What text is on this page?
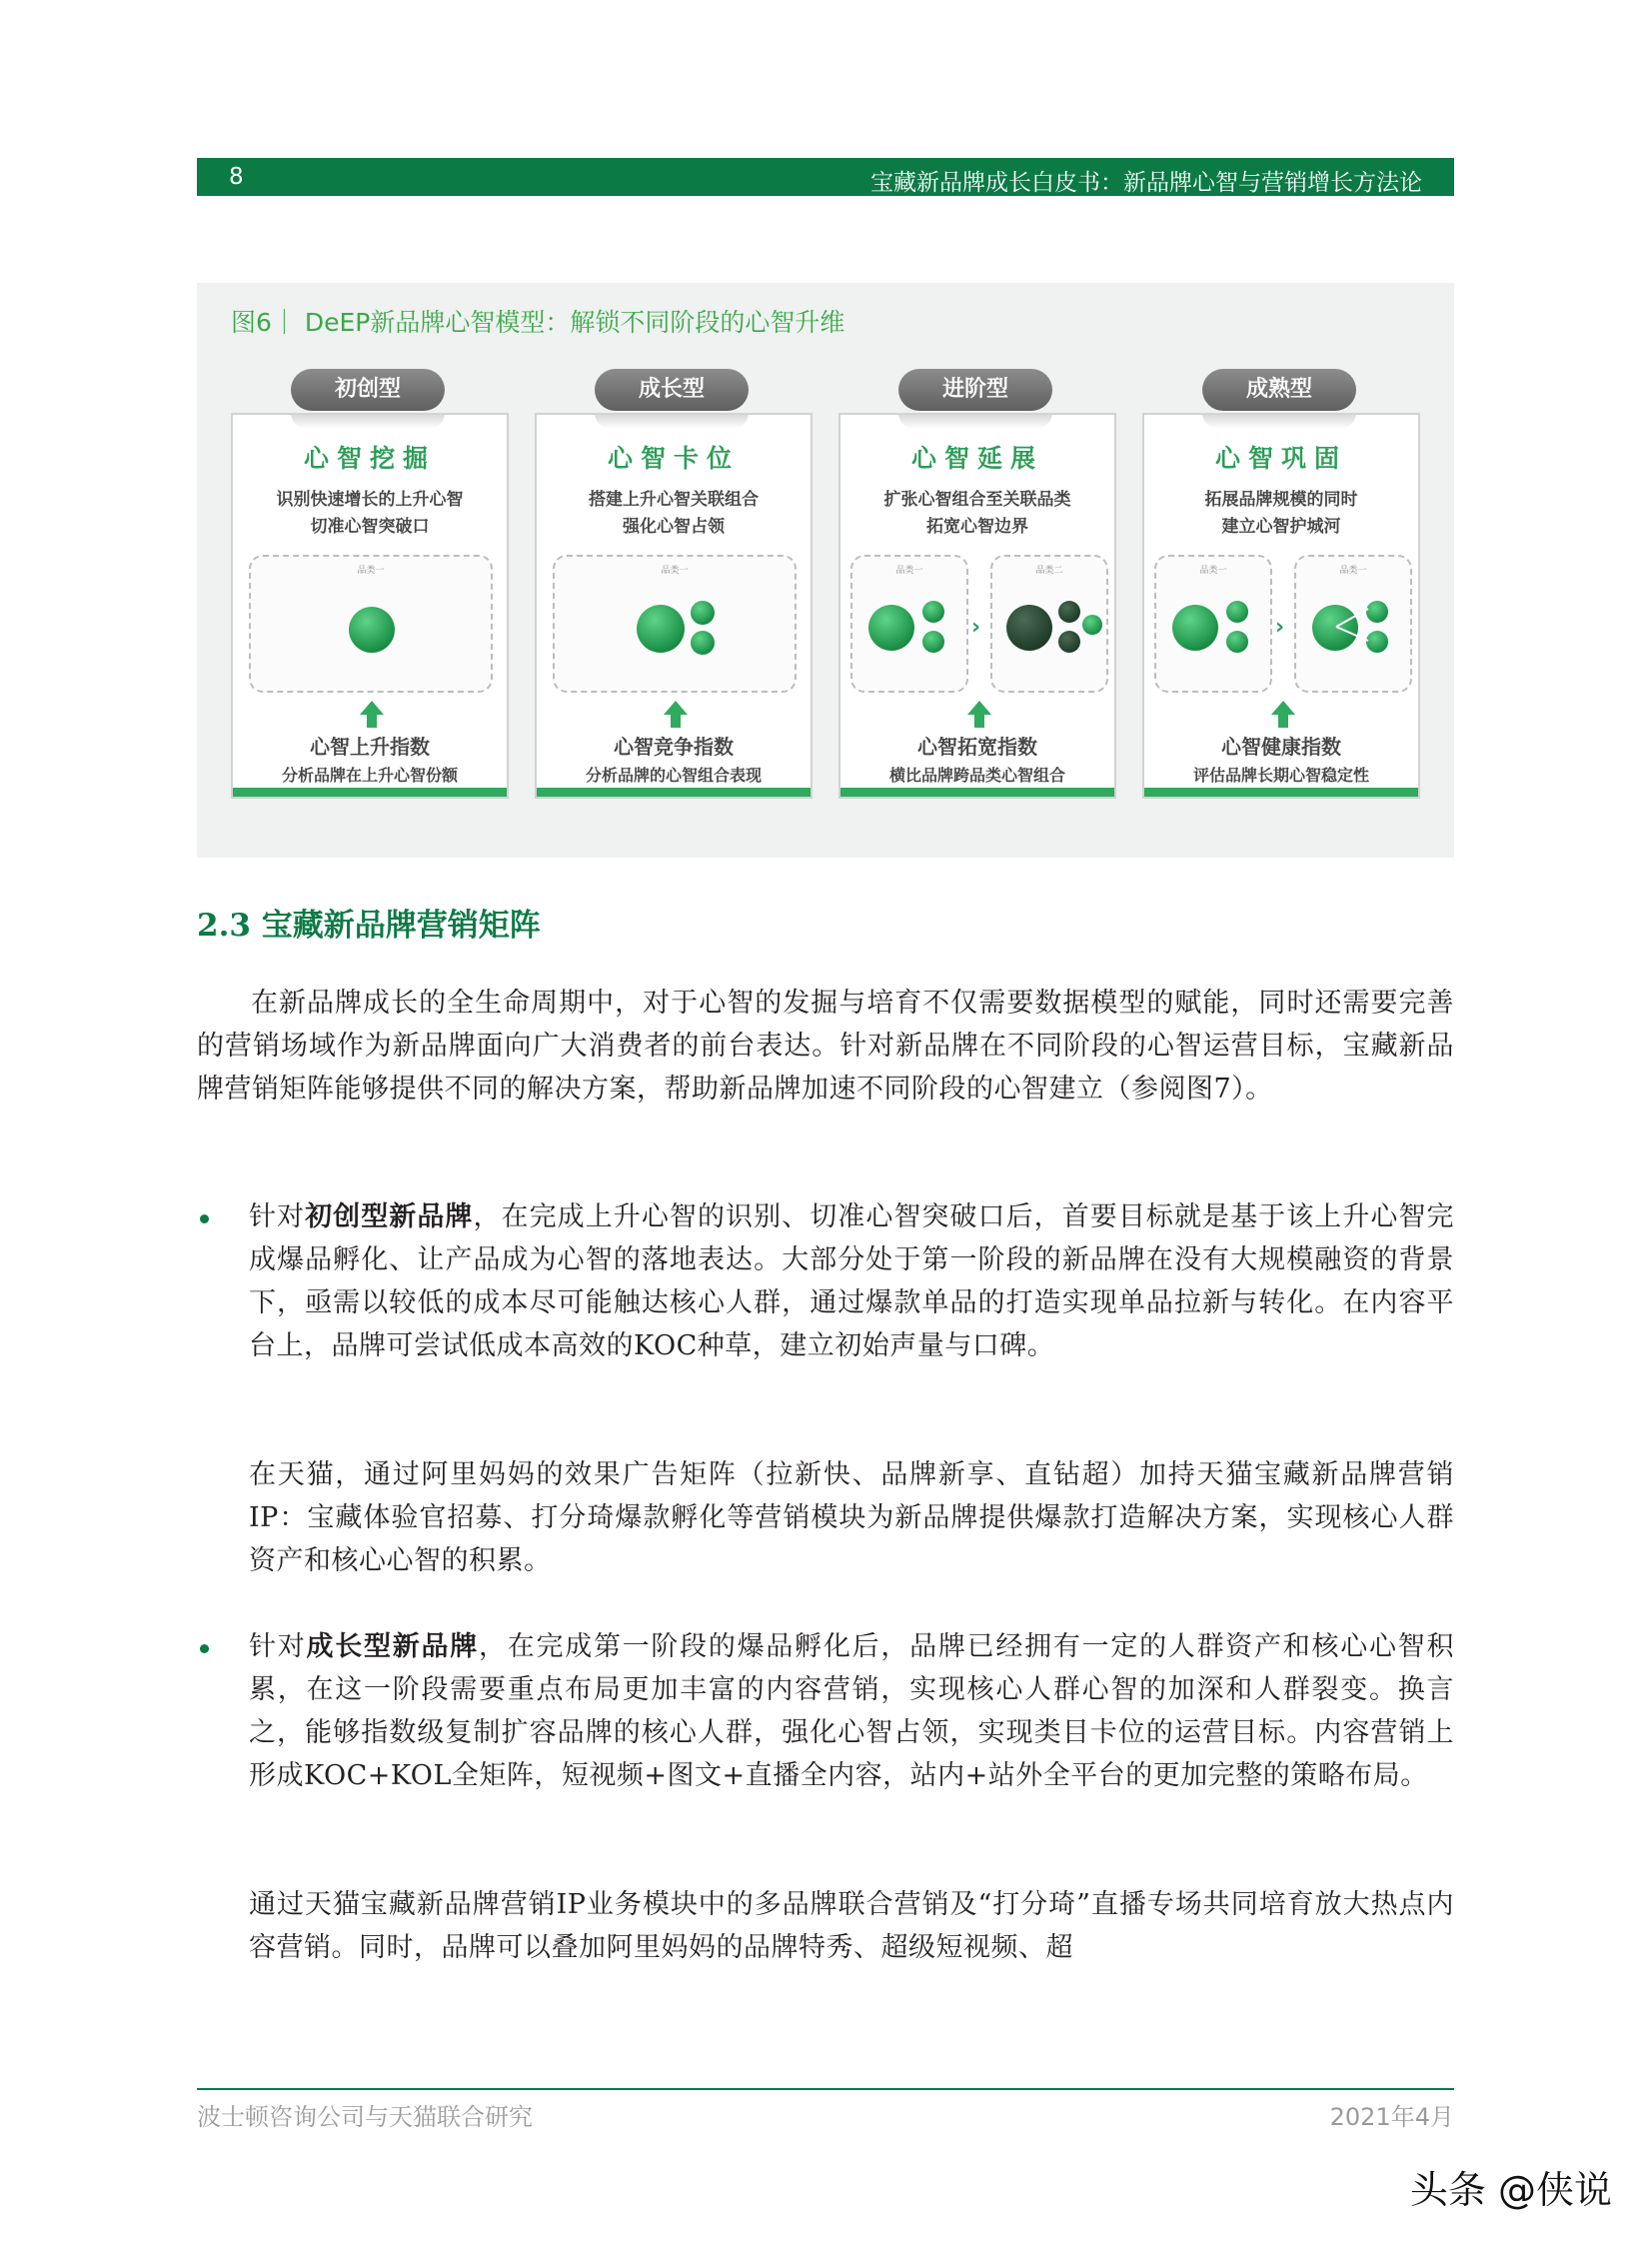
8	宝藏新品牌成长白皮书：新品牌心智与营销增长方法论
图6｜ DeEP新品牌心智模型：解锁不同阶段的心智升维
初创型
心智挖掘
识别快速增长的上升心智
切准心智突破口
品类一
心智上升指数
分析品牌在上升心智份额
成长型
心智卡位
搭建上升心智关联组合
强化心智占领
品类一
心智竞争指数
分析品牌的心智组合表现
进阶型
心智延展
扩张心智组合至关联品类
拓宽心智边界
品类一
›
品类二
心智拓宽指数
横比品牌跨品类心智组合
成熟型
心智巩固
拓展品牌规模的同时
建立心智护城河
品类一
›
品类一
心智健康指数
评估品牌长期心智稳定性
2.3 宝藏新品牌营销矩阵

在新品牌成长的全生命周期中，对于心智的发掘与培育不仅需要数据模型的赋能，同时还需要完善的营销场域作为新品牌面向广大消费者的前台表达。针对新品牌在不同阶段的心智运营目标，宝藏新品牌营销矩阵能够提供不同的解决方案，帮助新品牌加速不同阶段的心智建立（参阅图7）。

针对初创型新品牌，在完成上升心智的识别、切准心智突破口后，首要目标就是基于该上升心智完成爆品孵化、让产品成为心智的落地表达。大部分处于第一阶段的新品牌在没有大规模融资的背景下，亟需以较低的成本尽可能触达核心人群，通过爆款单品的打造实现单品拉新与转化。在内容平台上，品牌可尝试低成本高效的KOC种草，建立初始声量与口碑。

在天猫，通过阿里妈妈的效果广告矩阵（拉新快、品牌新享、直钻超）加持天猫宝藏新品牌营销IP：宝藏体验官招募、打分琦爆款孵化等营销模块为新品牌提供爆款打造解决方案，实现核心人群资产和核心心智的积累。

针对成长型新品牌，在完成第一阶段的爆品孵化后，品牌已经拥有一定的人群资产和核心心智积累，在这一阶段需要重点布局更加丰富的内容营销，实现核心人群心智的加深和人群裂变。换言之，能够指数级复制扩容品牌的核心人群，强化心智占领，实现类目卡位的运营目标。内容营销上形成KOC+KOL全矩阵，短视频+图文+直播全内容，站内+站外全平台的更加完整的策略布局。

通过天猫宝藏新品牌营销IP业务模块中的多品牌联合营销及“打分琦”直播专场共同培育放大热点内容营销。同时，品牌可以叠加阿里妈妈的品牌特秀、超级短视频、超

波士顿咨询公司与天猫联合研究	2021年4月
头条 @侠说
